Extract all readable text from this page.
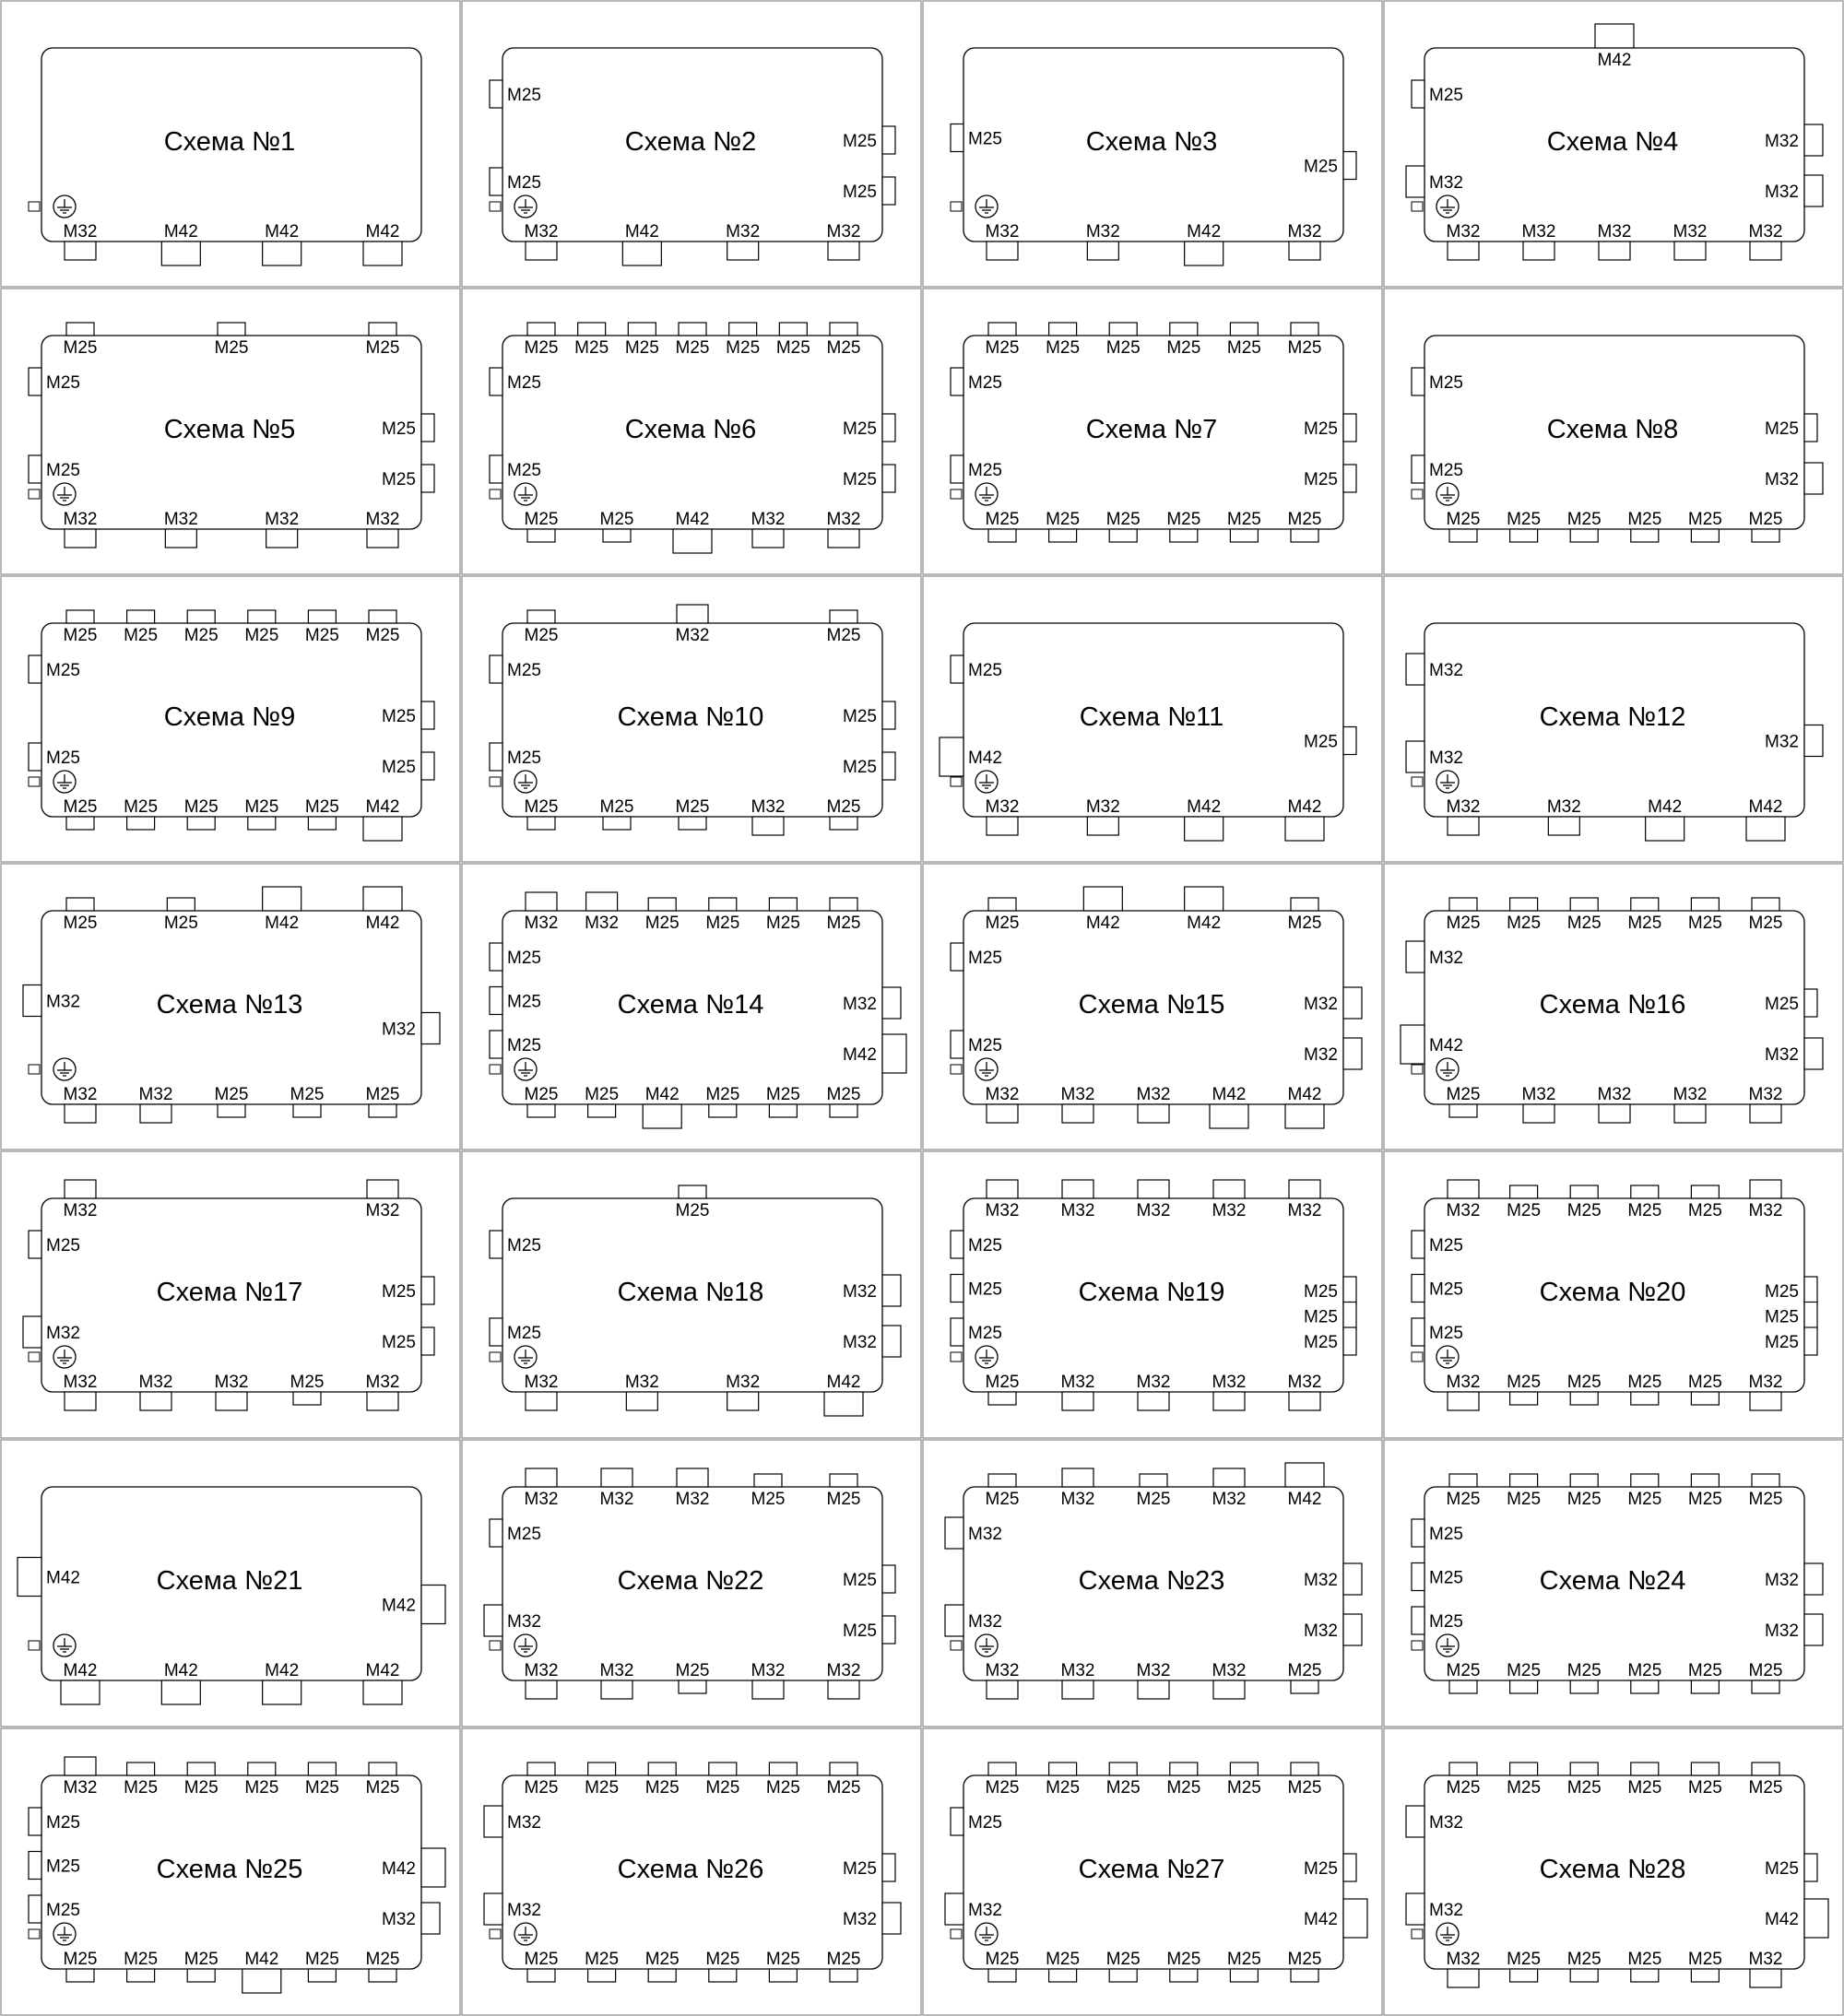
Схема №1
M32	M42	M42	M42
Схема №2
M32	M42	M32	M32
M25
M25
M25
M25
Схема №3
M32	M32	M42	M32
M25
M25
Схема №4
M32 M32 M32 M32 M32
M42
M25
M32
M32
M32
Схема №5
M32	M32	M32	M32
M25	M25	M25
M25
M25
M25
M25
Схема №6
M25 M25 M42 M32 M32
M25 M25 M25 M25 M25 M25 M25
M25
M25
M25
M25
Схема №7
M25 M25 M25 M25 M25 M25
M25 M25 M25 M25 M25 M25
M25
M25
M25
M25
Схема №8
M25 M25 M25 M25 M25 M25
M25
M25
M25
M32
Схема №9
M25 M25 M25 M25 M25 M42
M25 M25 M25 M25 M25 M25
M25
M25
M25
M25
Схема №10
M25 M25 M25 M32 M25
M25	M32	M25
M25
M25
M25
M25
Схема №11
M32	M32	M42	M42
M25
M42
M25
Схема №12
M32	M32	M42	M42
M32
M32
M32
Схема №13
M32 M32 M25 M25 M25
M25	M25	M42	M42
M32
M32
Схема №14
M25 M25 M42 M25 M25 M25
M32 M32 M25 M25 M25 M25
M25
M25
M25
M32
M42
Схема №15
M32 M32 M32 M42 M42
M25	M42	M42	M25
M25
M25
M32
M32
Схема №16
M25 M32 M32 M32 M32
M25 M25 M25 M25 M25 M25
M32
M42
M25
M32
Схема №17
M32 M32 M32 M25 M32
M32	M32
M25
M32
M25
M25
Схема №18
M32	M32	M32	M42
M25
M25
M25
M32
M32
Схема №19
M25 M32 M32 M32 M32
M32 M32 M32 M32 M32
M25
M25
M25
M25
M25
M25
Схема №20
M32 M25 M25 M25 M25 M32
M32 M25 M25 M25 M25 M32
M25
M25
M25
M25
M25
M25
Схема №21
M42	M42	M42	M42
M42
M42
Схема №22
M32 M32 M25 M32 M32
M32 M32 M32 M25 M25
M25
M32
M25
M25
Схема №23
M32 M32 M32 M32 M25
M25 M32 M25 M32 M42
M32
M32
M32
M32
Схема №24
M25 M25 M25 M25 M25 M25
M25 M25 M25 M25 M25 M25
M25
M25
M25
M32
M32
Схема №25
M25 M25 M25 M42 M25 M25
M32 M25 M25 M25 M25 M25
M25
M25
M25
M42
M32
Схема №26
M25 M25 M25 M25 M25 M25
M25 M25 M25 M25 M25 M25
M32
M32
M25
M32
Схема №27
M25 M25 M25 M25 M25 M25
M25 M25 M25 M25 M25 M25
M25
M32
M25
M42
Схема №28
M32 M25 M25 M25 M25 M32
M25 M25 M25 M25 M25 M25
M32
M32
M25
M42
